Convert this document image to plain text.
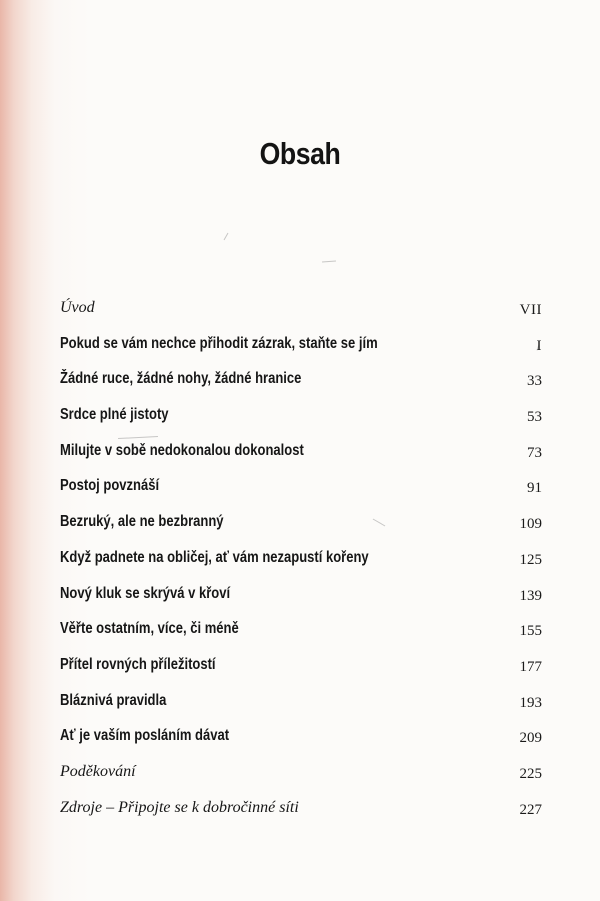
Obsah
Úvod	VII
Pokud se vám nechce přihodit zázrak, staňte se jím	I
Žádné ruce, žádné nohy, žádné hranice	33
Srdce plné jistoty	53
Milujte v sobě nedokonalou dokonalost	73
Postoj povznáší	91
Bezruký, ale ne bezbranný	109
Když padnete na obličej, ať vám nezapustí kořeny	125
Nový kluk se skrývá v křoví	139
Věřte ostatním, více, či méně	155
Přítel rovných příležitostí	177
Bláznivá pravidla	193
Ať je vaším posláním dávat	209
Poděkování	225
Zdroje – Připojte se k dobročinné síti	227
